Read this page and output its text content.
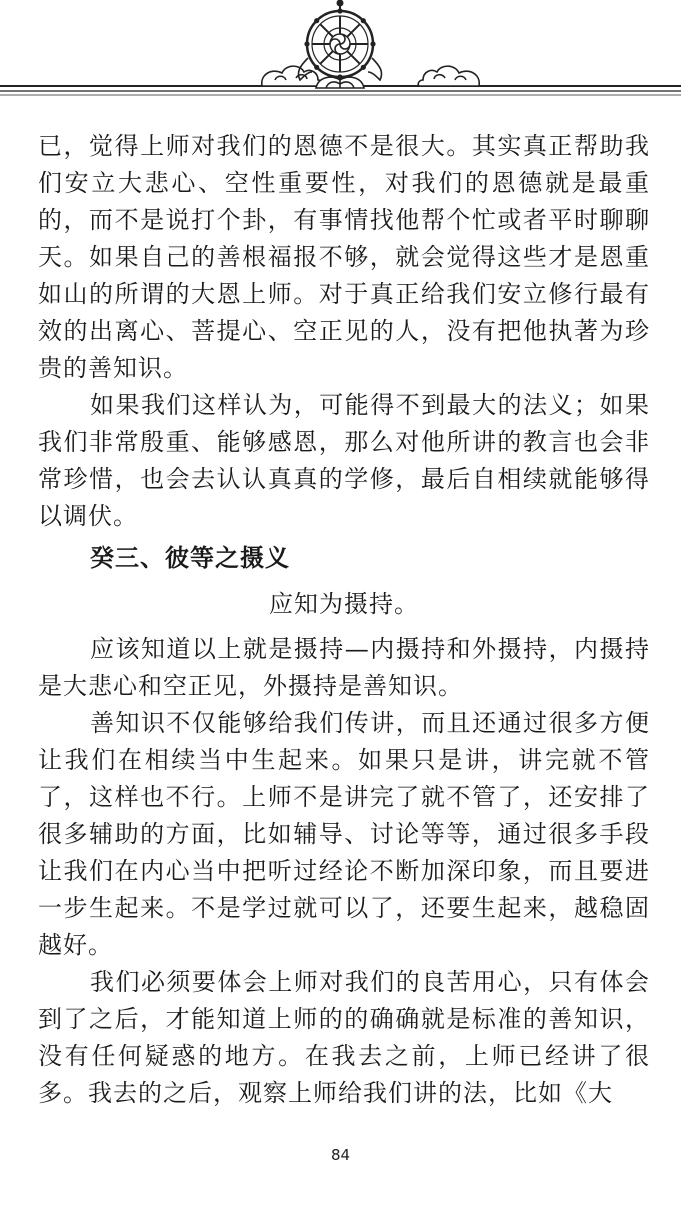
已，觉得上师对我们的恩德不是很大。其实真正帮助我们安立大悲心、空性重要性，对我们的恩德就是最重的，而不是说打个卦，有事情找他帮个忙或者平时聊聊天。如果自己的善根福报不够，就会觉得这些才是恩重如山的所谓的大恩上师。对于真正给我们安立修行最有效的出离心、菩提心、空正见的人，没有把他执著为珍贵的善知识。

如果我们这样认为，可能得不到最大的法义；如果我们非常殷重、能够感恩，那么对他所讲的教言也会非常珍惜，也会去认认真真的学修，最后自相续就能够得以调伏。

癸三、彼等之摄义

应知为摄持。

应该知道以上就是摄持—内摄持和外摄持，内摄持是大悲心和空正见，外摄持是善知识。

善知识不仅能够给我们传讲，而且还通过很多方便让我们在相续当中生起来。如果只是讲，讲完就不管了，这样也不行。上师不是讲完了就不管了，还安排了很多辅助的方面，比如辅导、讨论等等，通过很多手段让我们在内心当中把听过经论不断加深印象，而且要进一步生起来。不是学过就可以了，还要生起来，越稳固越好。

我们必须要体会上师对我们的良苦用心，只有体会到了之后，才能知道上师的的确确就是标准的善知识，没有任何疑惑的地方。在我去之前，上师已经讲了很多。我去的之后，观察上师给我们讲的法，比如《大

84
